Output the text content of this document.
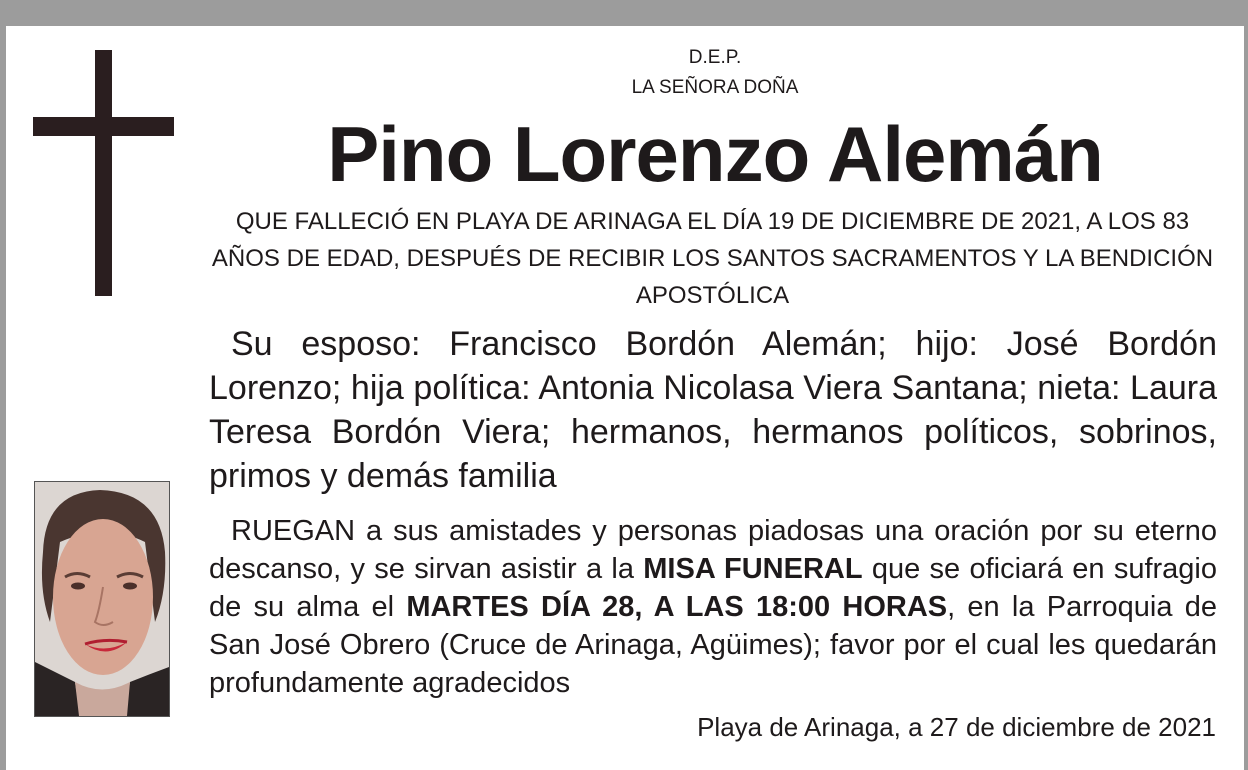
D.E.P.

LA SEÑORA DOÑA

Pino Lorenzo Alemán

QUE FALLECIÓ EN PLAYA DE ARINAGA EL DÍA 19 DE DICIEMBRE DE 2021, A LOS 83 AÑOS DE EDAD, DESPUÉS DE RECIBIR LOS SANTOS SACRAMENTOS Y LA BENDICIÓN APOSTÓLICA

Su esposo: Francisco Bordón Alemán; hijo: José Bordón Lorenzo; hija política: Antonia Nicolasa Viera Santana; nieta: Laura Teresa Bordón Viera; hermanos, hermanos políticos, sobrinos, primos y demás familia

RUEGAN a sus amistades y personas piadosas una oración por su eterno descanso, y se sirvan asistir a la MISA FUNERAL que se oficiará en sufragio de su alma el MARTES DÍA 28, A LAS 18:00 HORAS, en la Parroquia de San José Obrero (Cruce de Arinaga, Agüimes); favor por el cual les quedarán profundamente agradecidos

Playa de Arinaga, a 27 de diciembre de 2021
